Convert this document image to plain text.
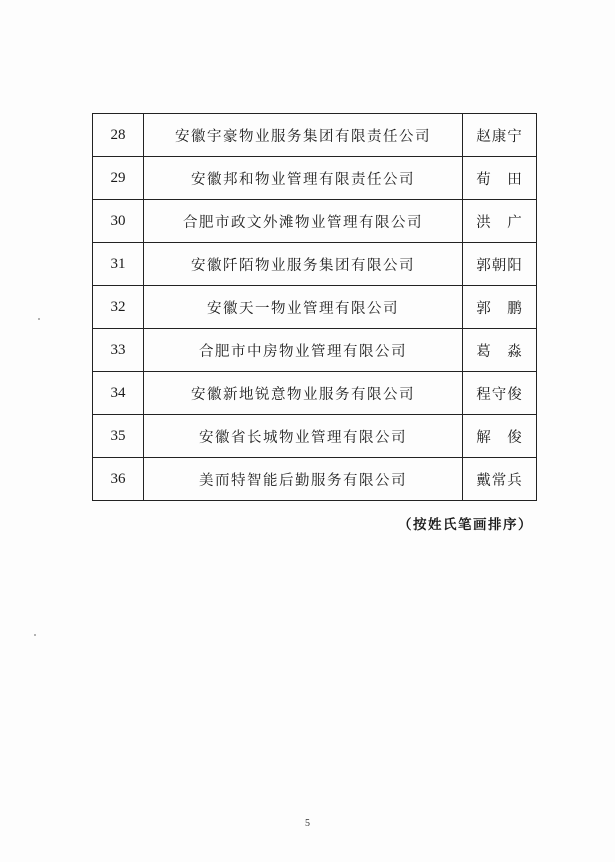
28	安徽宇豪物业服务集团有限责任公司	赵康宁
29	安徽邦和物业管理有限责任公司	荀　田
30	合肥市政文外滩物业管理有限公司	洪　广
31	安徽阡陌物业服务集团有限公司	郭朝阳
32	安徽天一物业管理有限公司	郭　鹏
33	合肥市中房物业管理有限公司	葛　淼
34	安徽新地锐意物业服务有限公司	程守俊
35	安徽省长城物业管理有限公司	解　俊
36	美而特智能后勤服务有限公司	戴常兵
（按姓氏笔画排序）
5
